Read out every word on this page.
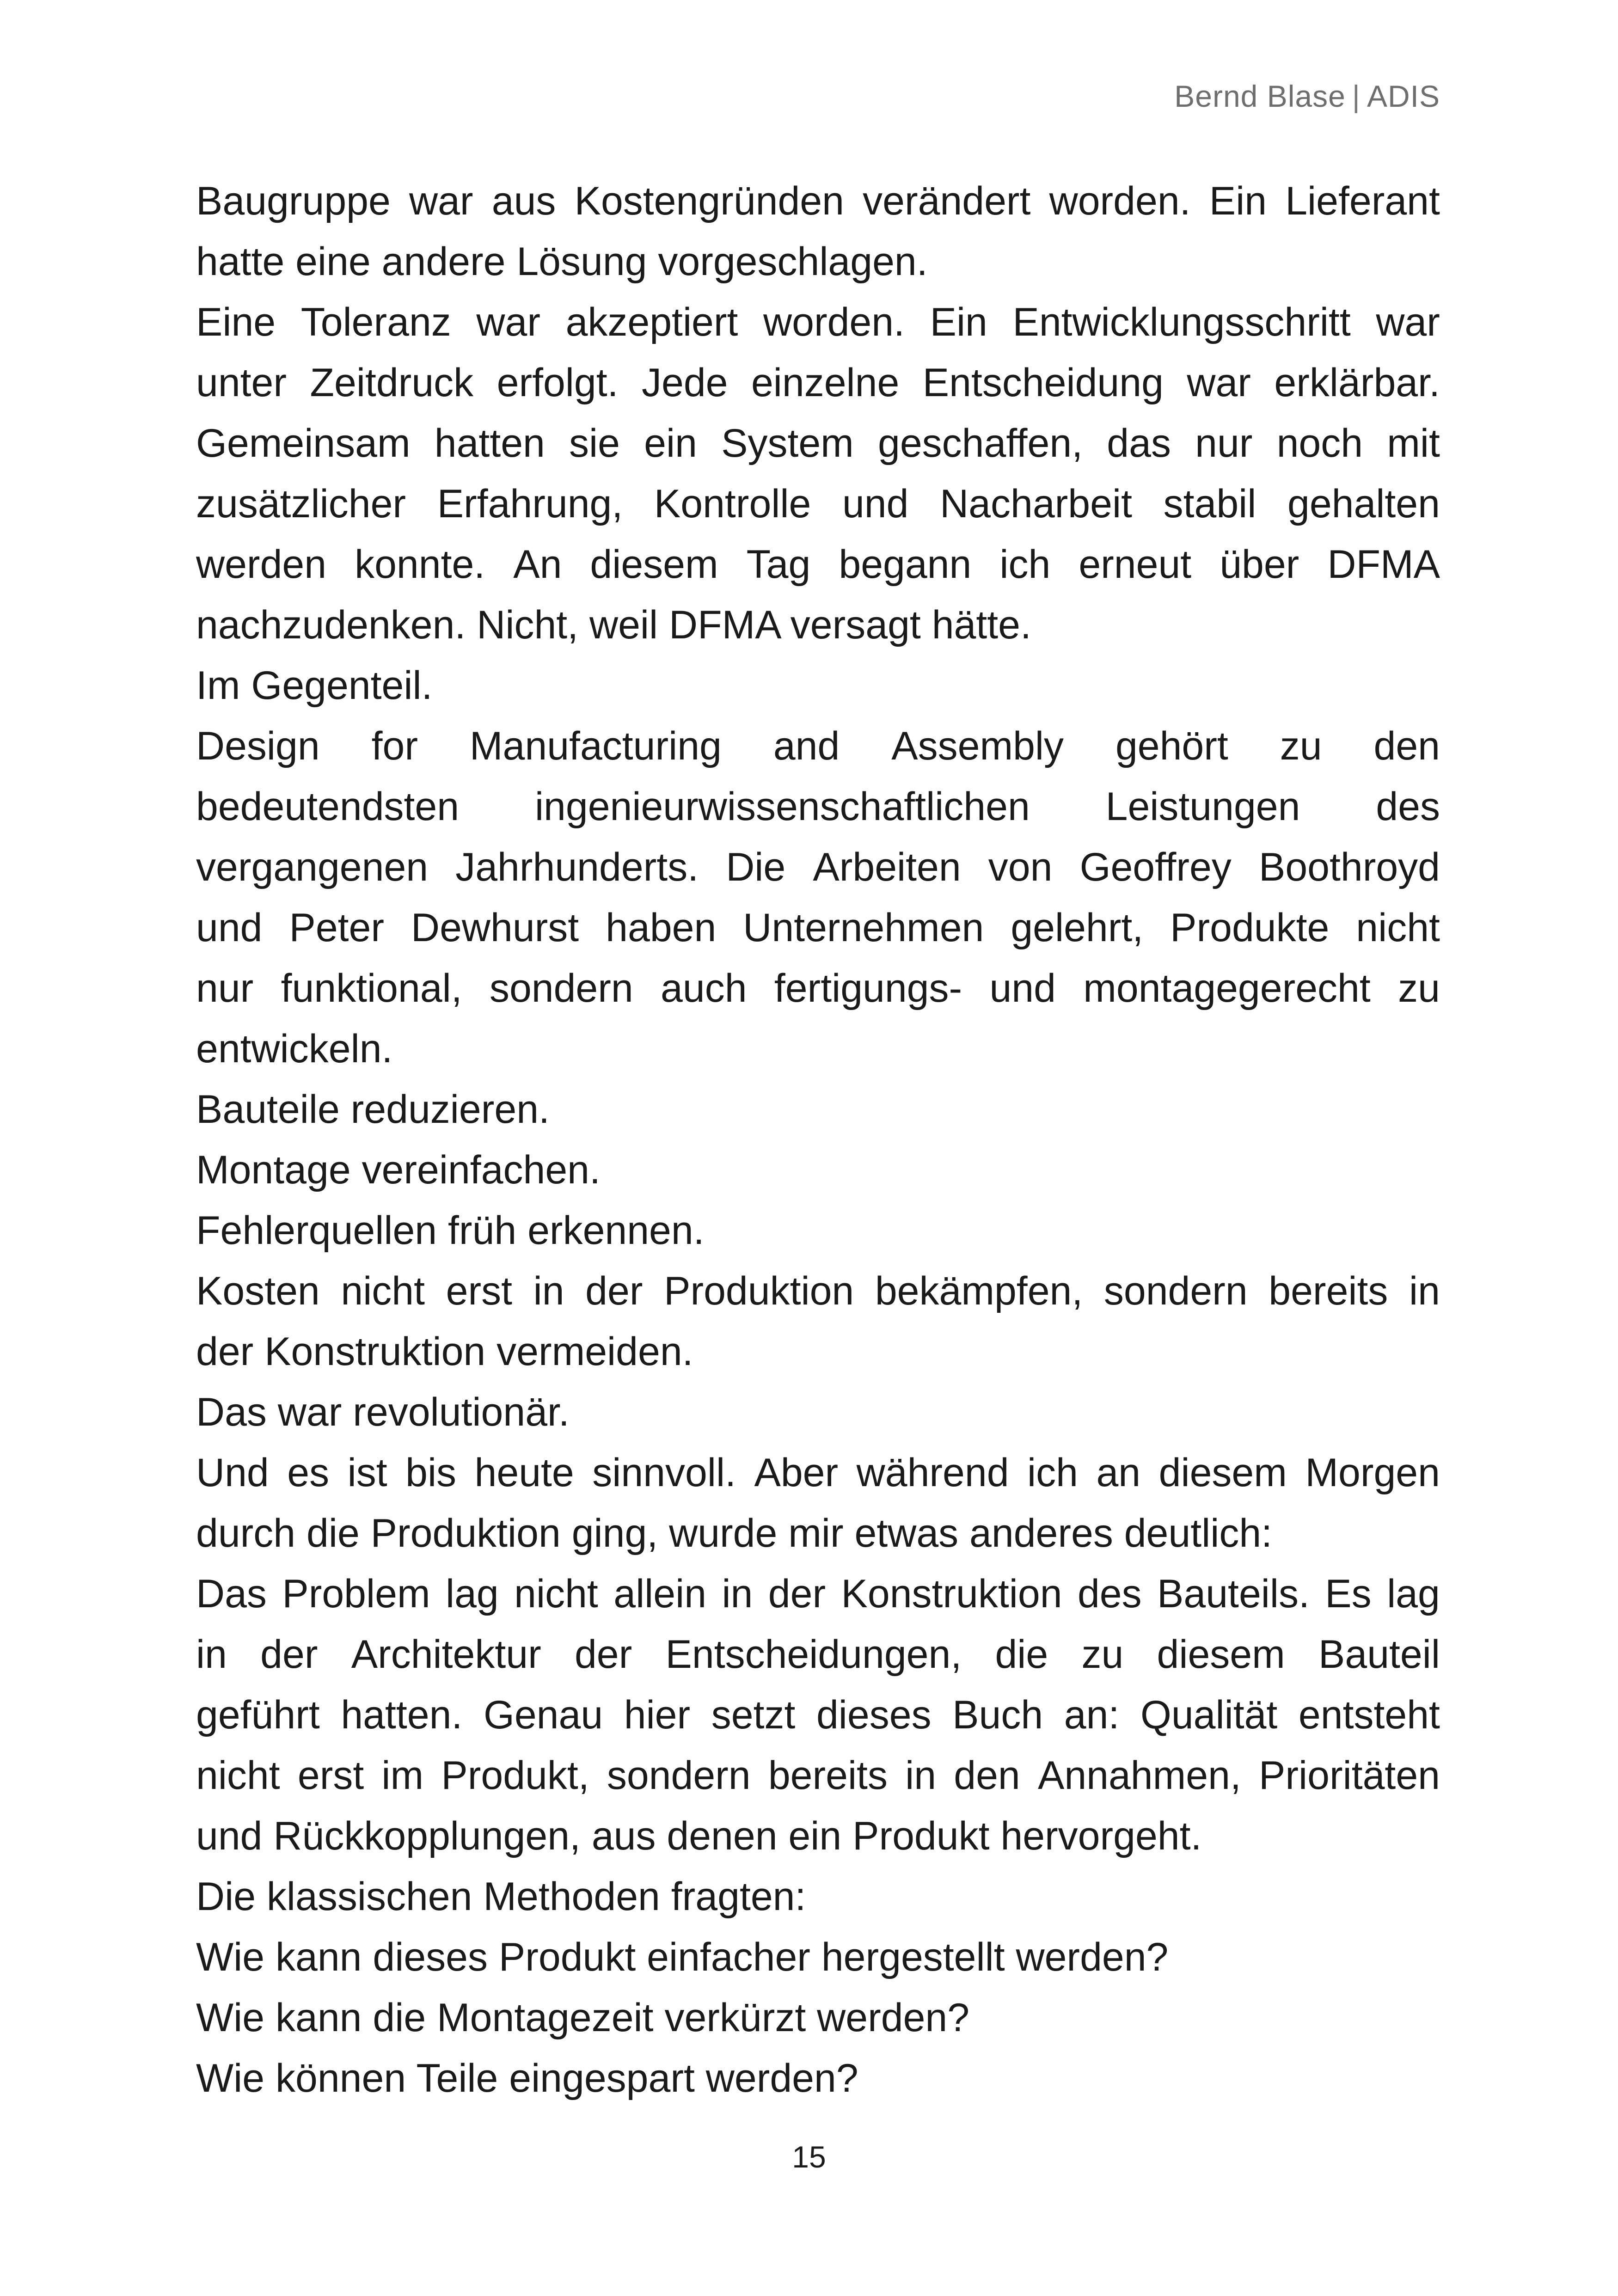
Bernd Blase | ADIS
Baugruppe war aus Kostengründen verändert worden. Ein Lieferant
hatte eine andere Lösung vorgeschlagen.
Eine Toleranz war akzeptiert worden. Ein Entwicklungsschritt war
unter Zeitdruck erfolgt. Jede einzelne Entscheidung war erklärbar.
Gemeinsam hatten sie ein System geschaffen, das nur noch mit
zusätzlicher Erfahrung, Kontrolle und Nacharbeit stabil gehalten
werden konnte. An diesem Tag begann ich erneut über DFMA
nachzudenken. Nicht, weil DFMA versagt hätte.
Im Gegenteil.
Design for Manufacturing and Assembly gehört zu den
bedeutendsten ingenieurwissenschaftlichen Leistungen des
vergangenen Jahrhunderts. Die Arbeiten von Geoffrey Boothroyd
und Peter Dewhurst haben Unternehmen gelehrt, Produkte nicht
nur funktional, sondern auch fertigungs- und montagegerecht zu
entwickeln.
Bauteile reduzieren.
Montage vereinfachen.
Fehlerquellen früh erkennen.
Kosten nicht erst in der Produktion bekämpfen, sondern bereits in
der Konstruktion vermeiden.
Das war revolutionär.
Und es ist bis heute sinnvoll. Aber während ich an diesem Morgen
durch die Produktion ging, wurde mir etwas anderes deutlich:
Das Problem lag nicht allein in der Konstruktion des Bauteils. Es lag
in der Architektur der Entscheidungen, die zu diesem Bauteil
geführt hatten. Genau hier setzt dieses Buch an: Qualität entsteht
nicht erst im Produkt, sondern bereits in den Annahmen, Prioritäten
und Rückkopplungen, aus denen ein Produkt hervorgeht.
Die klassischen Methoden fragten:
Wie kann dieses Produkt einfacher hergestellt werden?
Wie kann die Montagezeit verkürzt werden?
Wie können Teile eingespart werden?
15
